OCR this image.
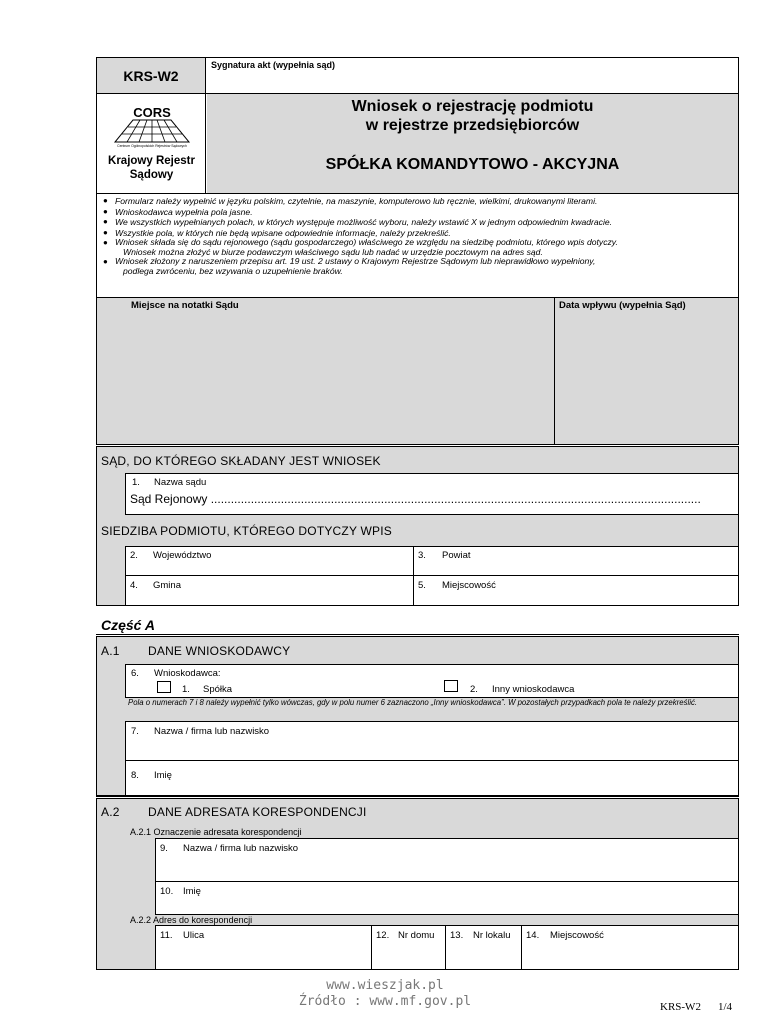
KRS-W2
Sygnatura akt (wypełnia sąd)
CORS
Centrum Ogólnopolskich Rejestrów Sądowych
Krajowy Rejestr
Sądowy
Wniosek o rejestrację podmiotu
w rejestrze przedsiębiorców
SPÓŁKA KOMANDYTOWO - AKCYJNA
● Formularz należy wypełnić w języku polskim, czytelnie, na maszynie, komputerowo lub ręcznie, wielkimi, drukowanymi literami.
● Wnioskodawca wypełnia pola jasne.
● We wszystkich wypełnianych polach, w których występuje możliwość wyboru, należy wstawić X w jednym odpowiednim kwadracie.
● Wszystkie pola, w których nie będą wpisane odpowiednie informacje, należy przekreślić.
● Wniosek składa się do sądu rejonowego (sądu gospodarczego) właściwego ze względu na siedzibę podmiotu, którego wpis dotyczy.
Wniosek można złożyć w biurze podawczym właściwego sądu lub nadać w urzędzie pocztowym na adres sąd.
● Wniosek złożony z naruszeniem przepisu art. 19 ust. 2 ustawy o Krajowym Rejestrze Sądowym lub nieprawidłowo wypełniony,
podlega zwróceniu, bez wzywania o uzupełnienie braków.
Miejsce na notatki Sądu	Data wpływu (wypełnia Sąd)
SĄD, DO KTÓREGO SKŁADANY JEST WNIOSEK
1. Nazwa sądu
Sąd Rejonowy ...................................................................................................................................................
SIEDZIBA PODMIOTU, KTÓREGO DOTYCZY WPIS
2. Województwo	3. Powiat
4. Gmina	5. Miejscowość
Część A
A.1 DANE WNIOSKODAWCY
6. Wnioskodawca:
1. Spółka	2. Inny wnioskodawca
Pola o numerach 7 i 8 należy wypełnić tylko wówczas, gdy w polu numer 6 zaznaczono „Inny wnioskodawca”. W pozostałych przypadkach pola te należy przekreślić.
7. Nazwa / firma lub nazwisko
8. Imię
A.2 DANE ADRESATA KORESPONDENCJI
A.2.1 Oznaczenie adresata korespondencji
A.2.2 Adres do korespondencji
9. Nazwa / firma lub nazwisko
10. Imię
11. Ulica	12. Nr domu 13. Nr lokalu 14. Miejscowość
www.wieszjak.pl
Źródło : www.mf.gov.pl	KRS-W2 1/4
